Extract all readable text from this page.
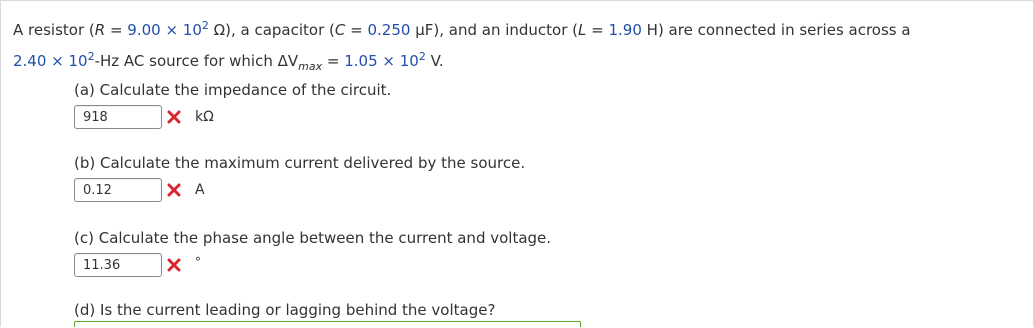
A resistor ($R = 9.00 \times 10^2$ Ω), a capacitor (C = 0.250 μF), and an inductor (L = 1.90 H) are connected in series across a
$2.40 \times 10^2-Hz$ AC source for which $\Delta V_{max} = 1.05 \times 10^2$ V.
(a) Calculate the impedance of the circuit.
918	kΩ
(b) Calculate the maximum current delivered by the source.
0.12	A
(c) Calculate the phase angle between the current and voltage.
11.36	°
(d) Is the current leading or lagging behind the voltage?
